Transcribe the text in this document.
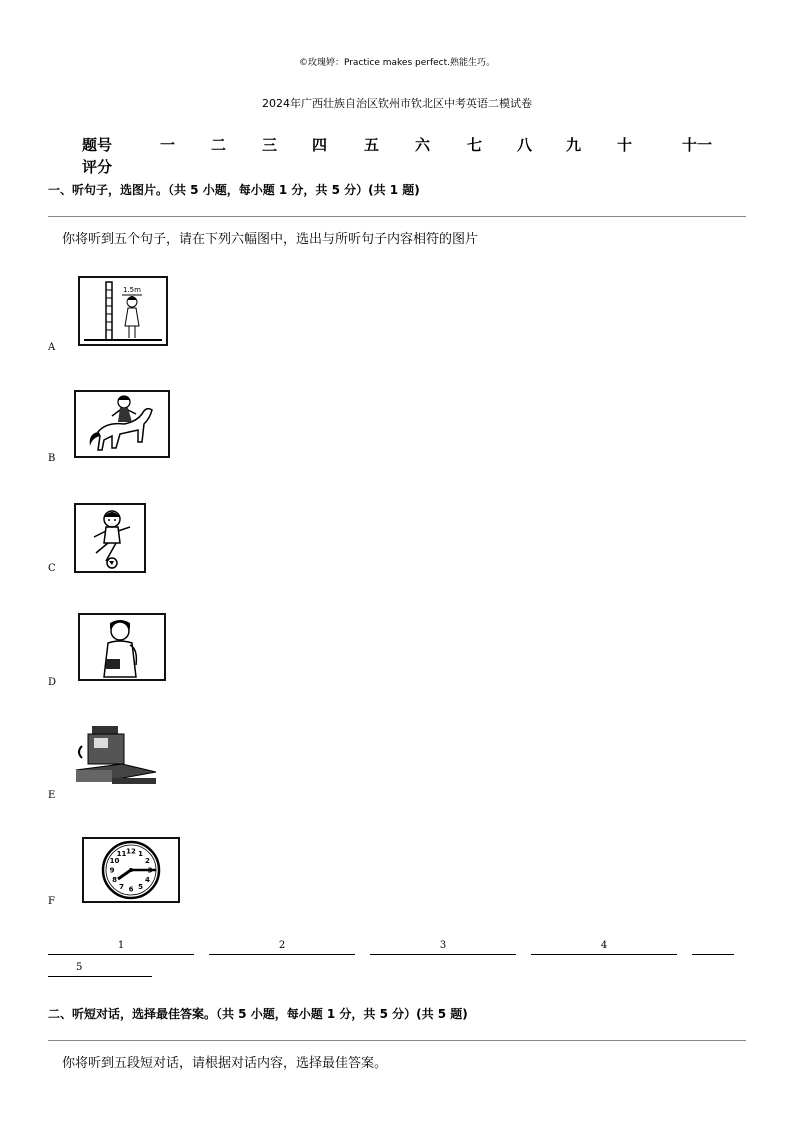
©玫瑰婷：Practice makes perfect.熟能生巧。
2024年广西壮族自治区钦州市钦北区中考英语二模试卷
题号	一 二 三 四 五 六 七 八 九 十	十一
评分
一、听句子，选图片。（共 5 小题，每小题 1 分，共 5 分）(共 1 题)
你将听到五个句子，请在下列六幅图中，选出与所听句子内容相符的图片
1.5m
A
B
C
D
E
12 1
2
3
4
5
6
7
8
9
10
11
F
1	2	3	4
5
二、听短对话，选择最佳答案。（共 5 小题，每小题 1 分，共 5 分）(共 5 题)
你将听到五段短对话，请根据对话内容，选择最佳答案。
